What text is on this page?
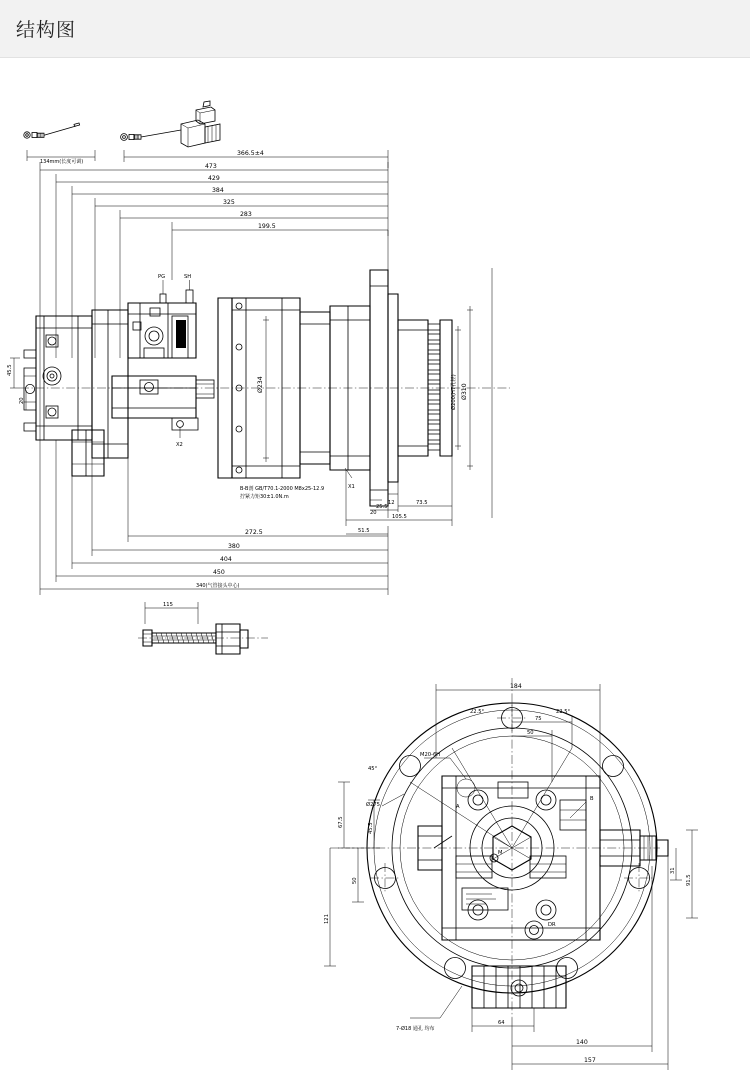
结构图
134mm(长度可调)
366.5±4
473
429
384
325
283
199.5
PG	SH
X2
Ø234	Ø310
Ø200(H7孔径)
X1
B-B剖 GB/T70.1-2000 M8x25-12.9
拧紧力矩30±1.0N.m
45.5
20
73.5
105.5
51.5
25.5
20
12
272.5
380
404
450
340(气管接头中心)
115
M
DR
M20-6H
A
B
22.5°	22.5°
45°
Ø275
184
75
50
50
45.5
67.5
121
91.5
31
64
140
157
7-Ø18 通孔 均布
